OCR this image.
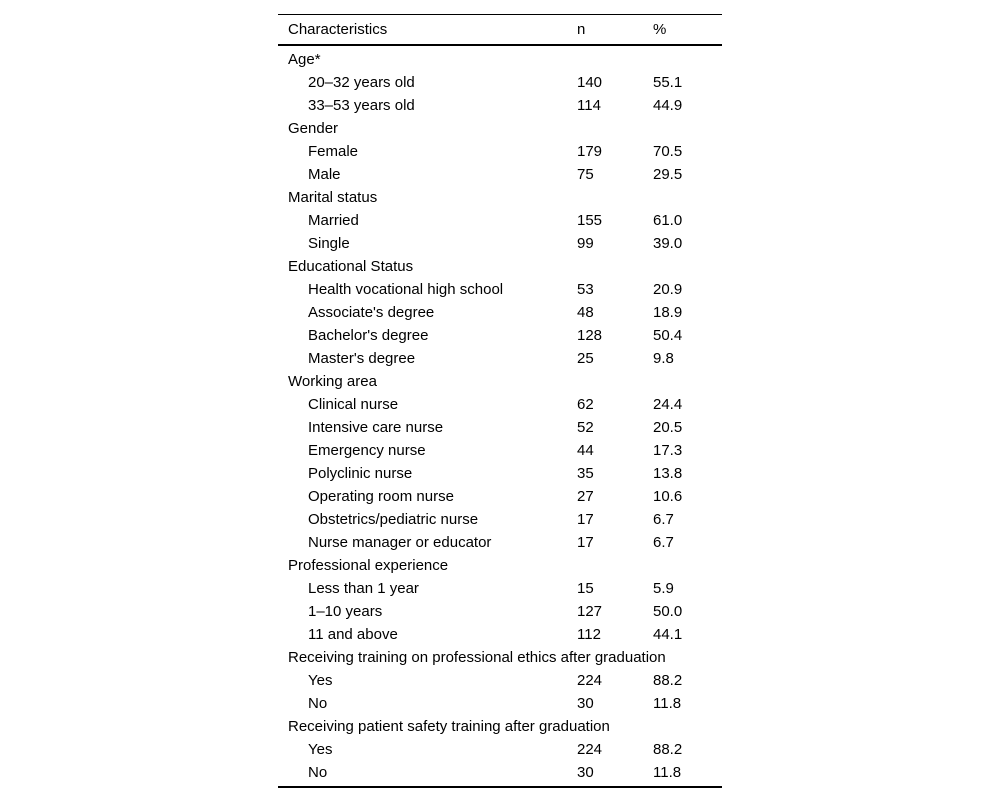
Characteristics	n	%
Age*
20–32 years old	140	55.1
33–53 years old	114	44.9
Gender
Female	179	70.5
Male	75	29.5
Marital status
Married	155	61.0
Single	99	39.0
Educational Status
Health vocational high school	53	20.9
Associate's degree	48	18.9
Bachelor's degree	128	50.4
Master's degree	25	9.8
Working area
Clinical nurse	62	24.4
Intensive care nurse	52	20.5
Emergency nurse	44	17.3
Polyclinic nurse	35	13.8
Operating room nurse	27	10.6
Obstetrics/pediatric nurse	17	6.7
Nurse manager or educator	17	6.7
Professional experience
Less than 1 year	15	5.9
1–10 years	127	50.0
11 and above	112	44.1
Receiving training on professional ethics after graduation
Yes	224	88.2
No	30	11.8
Receiving patient safety training after graduation
Yes	224	88.2
No	30	11.8
